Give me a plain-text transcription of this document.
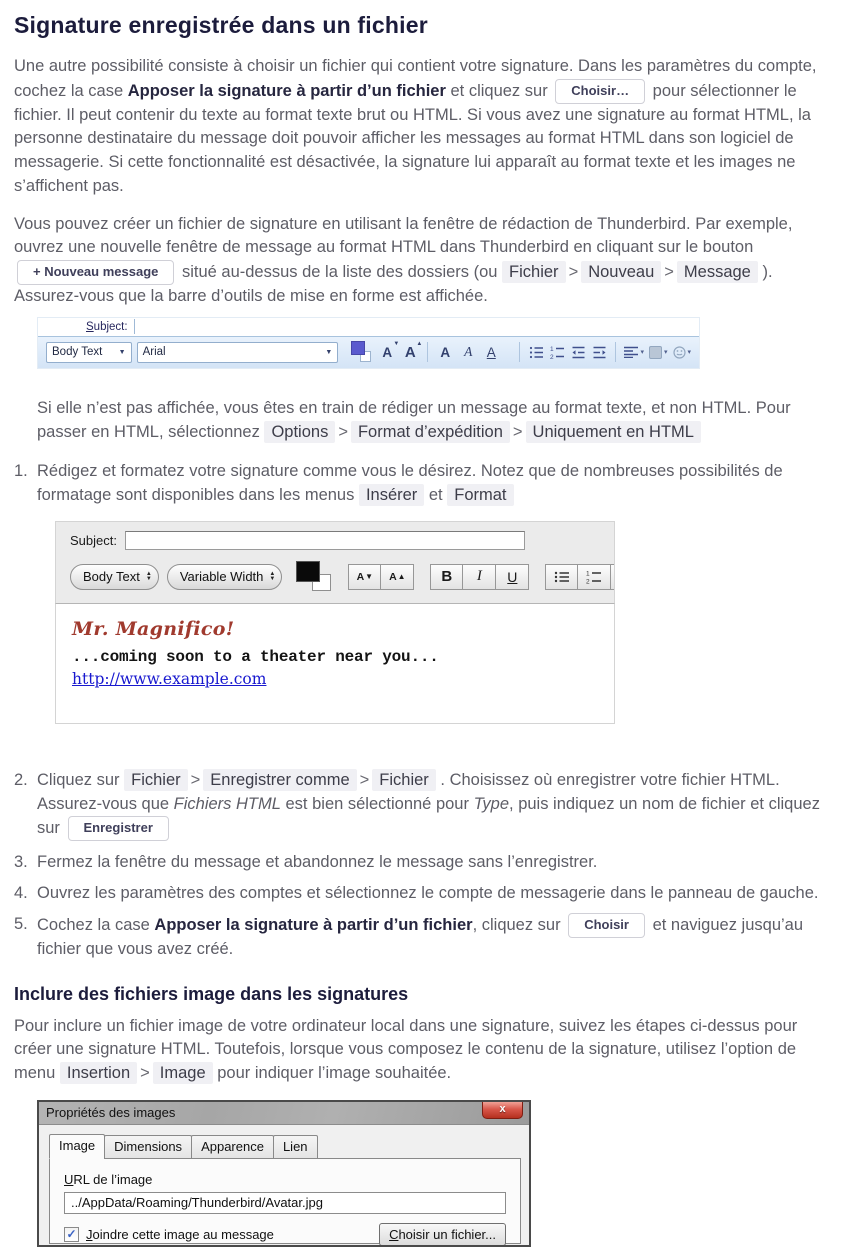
Signature enregistrée dans un fichier

Une autre possibilité consiste à choisir un fichier qui contient votre signature. Dans les paramètres du compte, cochez la case Apposer la signature à partir d’un fichier et cliquez sur Choisir… pour sélectionner le fichier. Il peut contenir du texte au format texte brut ou HTML. Si vous avez une signature au format HTML, la personne destinataire du message doit pouvoir afficher les messages au format HTML dans son logiciel de messagerie. Si cette fonctionnalité est désactivée, la signature lui apparaît au format texte et les images ne s’affichent pas.

Vous pouvez créer un fichier de signature en utilisant la fenêtre de rédaction de Thunderbird. Par exemple, ouvrez une nouvelle fenêtre de message au format HTML dans Thunderbird en cliquant sur le bouton + Nouveau message situé au-dessus de la liste des dossiers (ou Fichier > Nouveau > Message ). Assurez-vous que la barre d’outils de mise en forme est affichée.

Subject:
Body Text ▼ Arial	▼	A
▼ A ▲
A A A	1
2
▾	▾	▾

Si elle n’est pas affichée, vous êtes en train de rédiger un message au format texte, et non HTML. Pour passer en HTML, sélectionnez Options > Format d’expédition > Uniquement en HTML

1. Rédigez et formatez votre signature comme vous le désirez. Notez que de nombreuses possibilités de formatage sont disponibles dans les menus Insérer et Format
Subject:
Body Text ▲
▼ Variable Width ▲
▼	A ▼ A ▲	B	I	U	1
2
Mr. Magnifico!
...coming soon to a theater near you...
http://www.example.com
2. Cliquez sur Fichier > Enregistrer comme > Fichier . Choisissez où enregistrer votre fichier HTML. Assurez-vous que Fichiers HTML est bien sélectionné pour Type, puis indiquez un nom de fichier et cliquez sur Enregistrer
3. Fermez la fenêtre du message et abandonnez le message sans l’enregistrer.
4. Ouvrez les paramètres des comptes et sélectionnez le compte de messagerie dans le panneau de gauche.
5. Cochez la case Apposer la signature à partir d’un fichier, cliquez sur Choisir et naviguez jusqu’au fichier que vous avez créé.
Inclure des fichiers image dans les signatures

Pour inclure un fichier image de votre ordinateur local dans une signature, suivez les étapes ci-dessus pour créer une signature HTML. Toutefois, lorsque vous composez le contenu de la signature, utilisez l’option de menu Insertion > Image pour indiquer l’image souhaitée.

Propriétés des images	x
Image	Dimensions	Apparence	Lien
URL de l’image
../AppData/Roaming/Thunderbird/Avatar.jpg
✓ Joindre cette image au message	Choisir un fichier...
